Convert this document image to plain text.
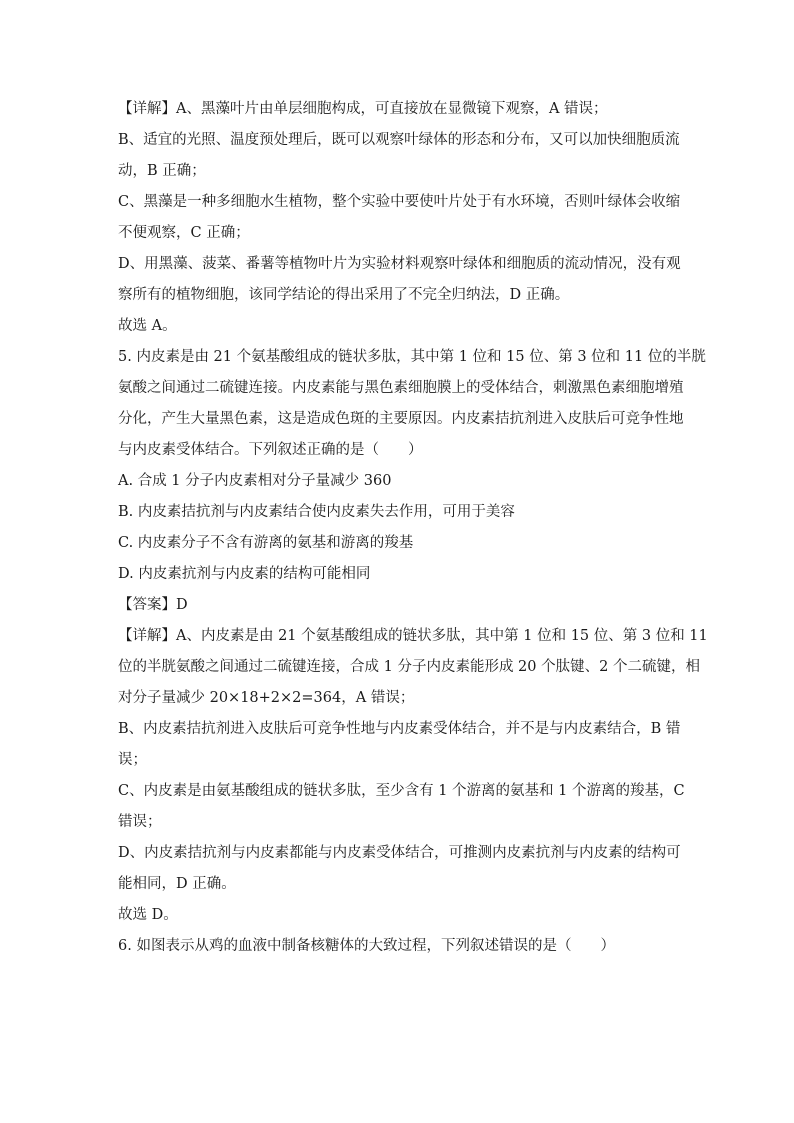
【详解】A、黑藻叶片由单层细胞构成，可直接放在显微镜下观察，A 错误；

B、适宜的光照、温度预处理后，既可以观察叶绿体的形态和分布，又可以加快细胞质流

动，B 正确；

C、黑藻是一种多细胞水生植物，整个实验中要使叶片处于有水环境，否则叶绿体会收缩

不便观察，C 正确；

D、用黑藻、菠菜、番薯等植物叶片为实验材料观察叶绿体和细胞质的流动情况，没有观

察所有的植物细胞，该同学结论的得出采用了不完全归纳法，D 正确。

故选 A。

5. 内皮素是由 21 个氨基酸组成的链状多肽，其中第 1 位和 15 位、第 3 位和 11 位的半胱

氨酸之间通过二硫键连接。内皮素能与黑色素细胞膜上的受体结合，刺激黑色素细胞增殖

分化，产生大量黑色素，这是造成色斑的主要原因。内皮素拮抗剂进入皮肤后可竞争性地

与内皮素受体结合。下列叙述正确的是（　　）

A. 合成 1 分子内皮素相对分子量减少 360

B. 内皮素拮抗剂与内皮素结合使内皮素失去作用，可用于美容

C. 内皮素分子不含有游离的氨基和游离的羧基

D. 内皮素抗剂与内皮素的结构可能相同

【答案】D

【详解】A、内皮素是由 21 个氨基酸组成的链状多肽，其中第 1 位和 15 位、第 3 位和 11

位的半胱氨酸之间通过二硫键连接，合成 1 分子内皮素能形成 20 个肽键、2 个二硫键，相

对分子量减少 20×18+2×2=364，A 错误；

B、内皮素拮抗剂进入皮肤后可竞争性地与内皮素受体结合，并不是与内皮素结合，B 错

误；

C、内皮素是由氨基酸组成的链状多肽，至少含有 1 个游离的氨基和 1 个游离的羧基，C

错误；

D、内皮素拮抗剂与内皮素都能与内皮素受体结合，可推测内皮素抗剂与内皮素的结构可

能相同，D 正确。

故选 D。

6. 如图表示从鸡的血液中制备核糖体的大致过程，下列叙述错误的是（　　）
